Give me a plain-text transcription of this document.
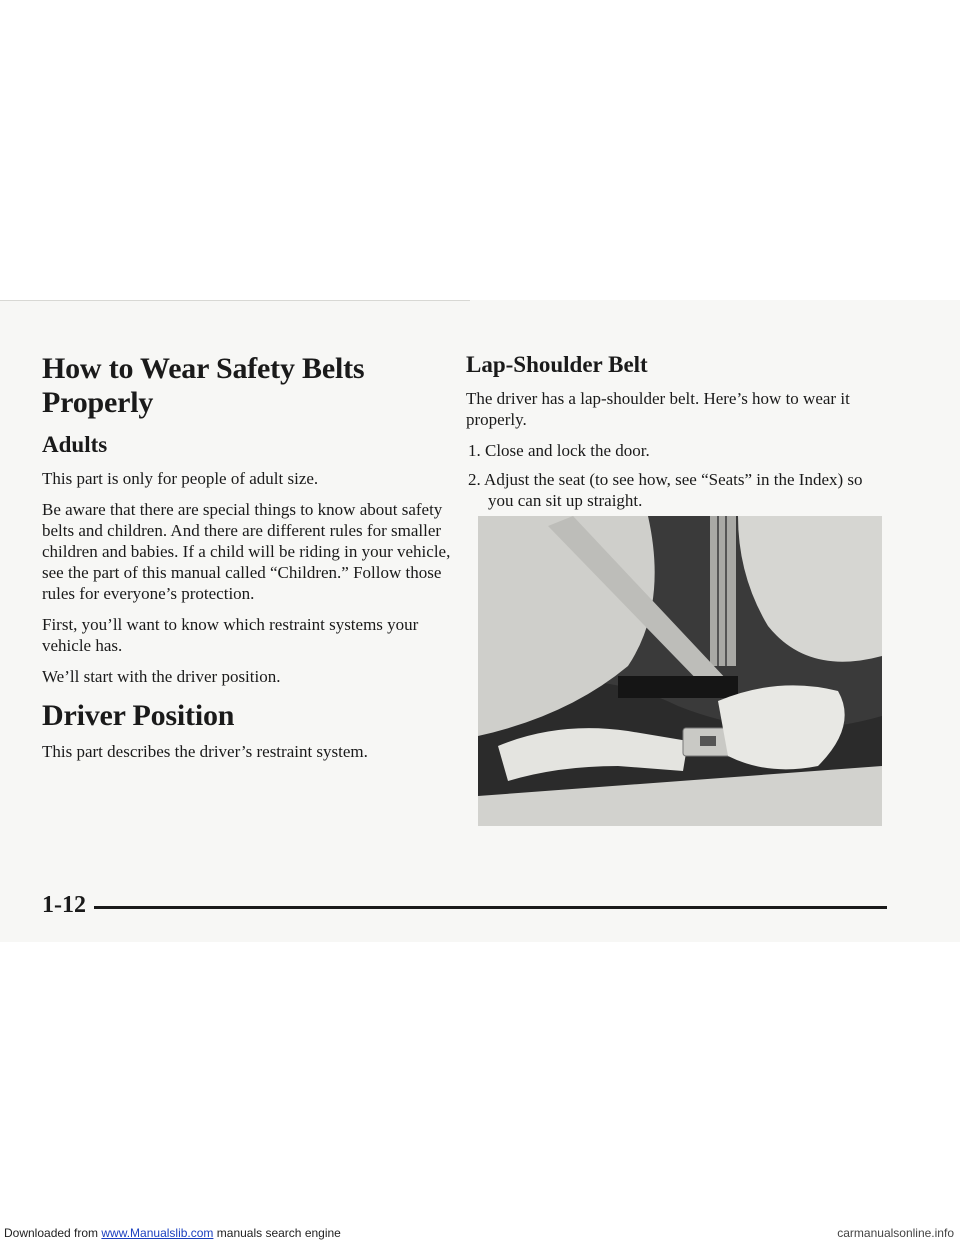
How to Wear Safety Belts Properly
Adults

This part is only for people of adult size.

Be aware that there are special things to know about safety belts and children. And there are different rules for smaller children and babies. If a child will be riding in your vehicle, see the part of this manual called “Children.” Follow those rules for everyone’s protection.

First, you’ll want to know which restraint systems your vehicle has.

We’ll start with the driver position.

Driver Position

This part describes the driver’s restraint system.

Lap-Shoulder Belt

The driver has a lap-shoulder belt. Here’s how to wear it properly.

1. Close and lock the door.
2. Adjust the seat (to see how, see “Seats” in the Index) so you can sit up straight.
1-12
Downloaded from www.Manualslib.com manuals search engine	carmanualsonline.info
